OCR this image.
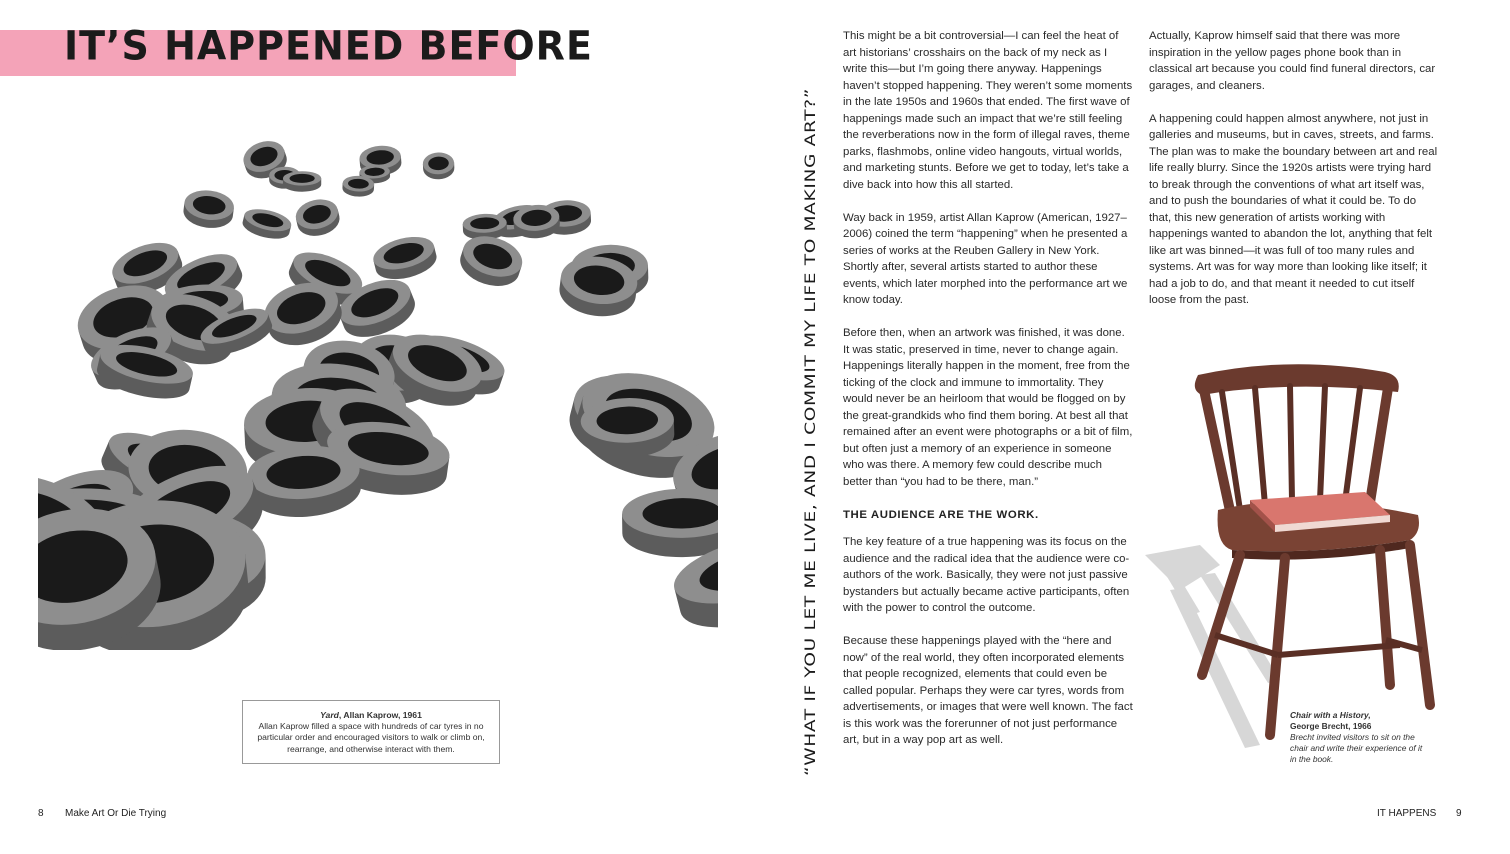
IT’S HAPPENED BEFORE
Yard, Allan Kaprow, 1961
Allan Kaprow filled a space with hundreds of car tyres in no particular order and encouraged visitors to walk or climb on, rearrange, and otherwise interact with them.
8 Make Art Or Die Trying
“WHAT IF YOU LET ME LIVE, AND I COMMIT MY LIFE TO MAKING ART?”

This might be a bit controversial—I can feel the heat of art historians’ crosshairs on the back of my neck as I write this—but I’m going there anyway. Happenings haven’t stopped happening. They weren’t some moments in the late 1950s and 1960s that ended. The first wave of happenings made such an impact that we’re still feeling the reverberations now in the form of illegal raves, theme parks, flashmobs, online video hangouts, virtual worlds, and marketing stunts. Before we get to today, let’s take a dive back into how this all started.

Way back in 1959, artist Allan Kaprow (American, 1927–2006) coined the term “happening” when he presented a series of works at the Reuben Gallery in New York. Shortly after, several artists started to author these events, which later morphed into the performance art we know today.

Before then, when an artwork was finished, it was done. It was static, preserved in time, never to change again. Happenings literally happen in the moment, free from the ticking of the clock and immune to immortality. They would never be an heirloom that would be flogged on by the great-grandkids who find them boring. At best all that remained after an event were photographs or a bit of film, but often just a memory of an experience in someone who was there. A memory few could describe much better than “you had to be there, man.”

THE AUDIENCE ARE THE WORK.

The key feature of a true happening was its focus on the audience and the radical idea that the audience were co-authors of the work. Basically, they were not just passive bystanders but actually became active participants, often with the power to control the outcome.

Because these happenings played with the “here and now” of the real world, they often incorporated elements that people recognized, elements that could even be called popular. Perhaps they were car tyres, words from advertisements, or images that were well known. The fact is this work was the forerunner of not just performance art, but in a way pop art as well.

Actually, Kaprow himself said that there was more inspiration in the yellow pages phone book than in classical art because you could find funeral directors, car garages, and cleaners.

A happening could happen almost anywhere, not just in galleries and museums, but in caves, streets, and farms. The plan was to make the boundary between art and real life really blurry. Since the 1920s artists were trying hard to break through the conventions of what art itself was, and to push the boundaries of what it could be. To do that, this new generation of artists working with happenings wanted to abandon the lot, anything that felt like art was binned—it was full of too many rules and systems. Art was for way more than looking like itself; it had a job to do, and that meant it needed to cut itself loose from the past.

Chair with a History,
George Brecht, 1966
Brecht invited visitors to sit on the chair and write their experience of it in the book.
IT HAPPENS 9
